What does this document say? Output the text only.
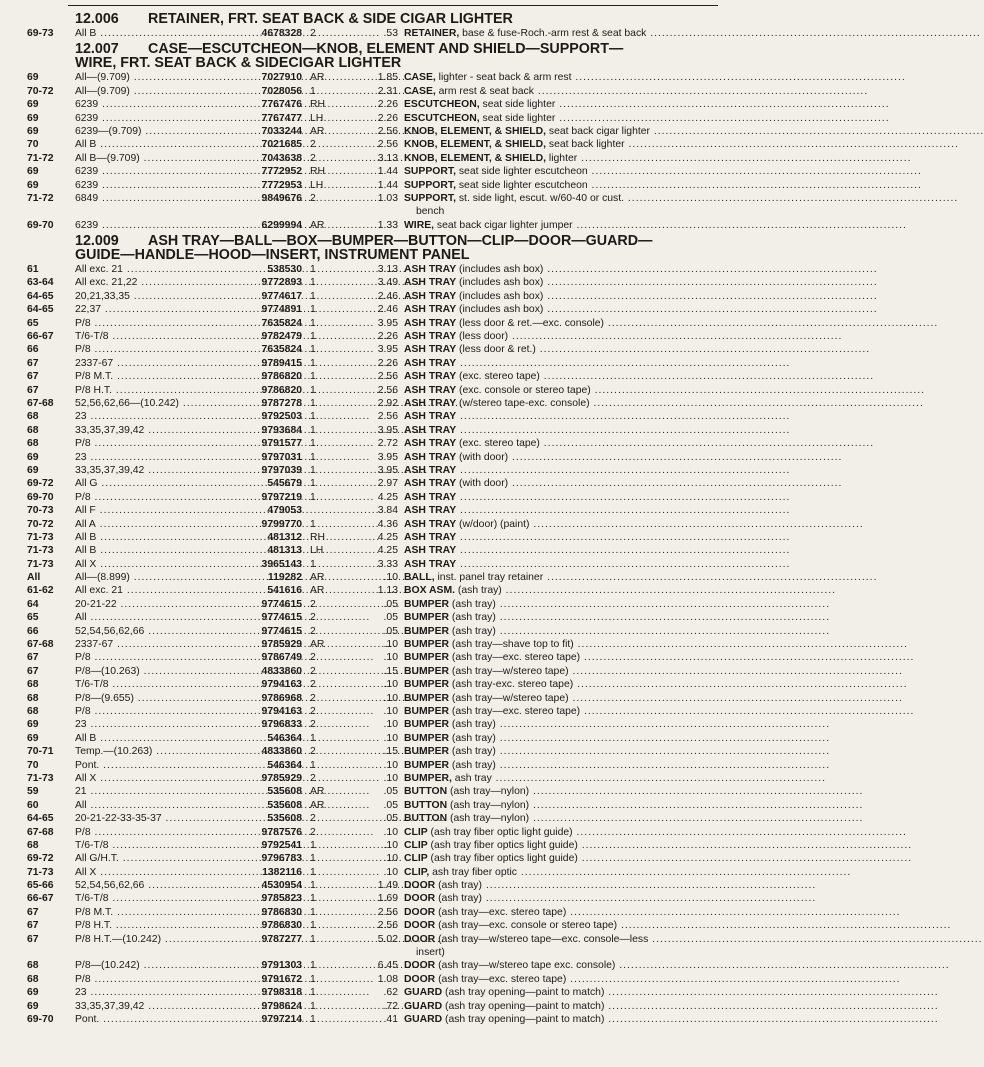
12.006 RETAINER, FRT. SEAT BACK & SIDE CIGAR LIGHTER
69-73	All B .....	4678328 2	.53 RETAINER, base & fuse-Roch.-arm rest & seat back .....................................................................................
12.007 CASE—ESCUTCHEON—KNOB, ELEMENT AND SHIELD—SUPPORT—
WIRE, FRT. SEAT BACK & SIDECIGAR LIGHTER
69	All—(9.709) .....	7027910 AR	1.85 CASE, lighter - seat back & arm rest .....................................................................................
70-72	All—(9.709) .....	7028056 1	2.31 CASE, arm rest & seat back .....................................................................................
69	6239 .....	7767476 RH	2.26 ESCUTCHEON, seat side lighter .....................................................................................
69	6239 .....	7767477 LH	2.26 ESCUTCHEON, seat side lighter .....................................................................................
69	6239—(9.709) .....	7033244 AR	2.56 KNOB, ELEMENT, & SHIELD, seat back cigar lighter .....................................................................................
70	All B .....	7021685 2	2.56 KNOB, ELEMENT, & SHIELD, seat back lighter .....................................................................................
71-72	All B—(9.709) .....	7043638 2	3.13 KNOB, ELEMENT, & SHIELD, lighter .....................................................................................
69	6239 .....	7772952 RH	1.44 SUPPORT, seat side lighter escutcheon .....................................................................................
69	6239 .....	7772953 LH	1.44 SUPPORT, seat side lighter escutcheon .....................................................................................
71-72	6849 .....	9849676 2	1.03 SUPPORT, st. side light, escut. w/60-40 or cust. .....................................................................................
bench
69-70	6239 .....	6299994 AR	1.33 WIRE, seat back cigar lighter jumper .....................................................................................
12.009 ASH TRAY—BALL—BOX—BUMPER—BUTTON—CLIP—DOOR—GUARD—
GUIDE—HANDLE—HOOD—INSERT, INSTRUMENT PANEL
61	All exc. 21 .....	538530 1	3.13 ASH TRAY (includes ash box) .....................................................................................
63-64	All exc. 21,22 .....	9772893 1	3.49 ASH TRAY (includes ash box) .....................................................................................
64-65	20,21,33,35 .....	9774617 1	2.46 ASH TRAY (includes ash box) .....................................................................................
64-65	22,37 .....	9774891 1	2.46 ASH TRAY (includes ash box) .....................................................................................
65	P/8 .....	7635824 1	3.95 ASH TRAY (less door & ret.—exc. console) .....................................................................................
66-67	T/6-T/8 .....	9782479 1	2.26 ASH TRAY (less door) .....................................................................................
66	P/8 .....	7635824 1	3.95 ASH TRAY (less door & ret.) .....................................................................................
67	2337-67 .....	9789415 1	2.26 ASH TRAY .....................................................................................
67	P/8 M.T. .....	9786820 1	2.56 ASH TRAY (exc. stereo tape) .....................................................................................
67	P/8 H.T. .....	9786820 1	2.56 ASH TRAY (exc. console or stereo tape) .....................................................................................
67-68	52,56,62,66—(10.242) .....	9787278 1	2.92 ASH TRAY (w/stereo tape-exc. console) .....................................................................................
68	23 .....	9792503 1	2.56 ASH TRAY .....................................................................................
68	33,35,37,39,42 .....	9793684 1	3.95 ASH TRAY .....................................................................................
68	P/8 .....	9791577 1	2.72 ASH TRAY (exc. stereo tape) .....................................................................................
69	23 .....	9797031 1	3.95 ASH TRAY (with door) .....................................................................................
69	33,35,37,39,42 .....	9797039 1	3.95 ASH TRAY .....................................................................................
69-72	All G .....	545679 1	2.97 ASH TRAY (with door) .....................................................................................
69-70	P/8 .....	9797219 1	4.25 ASH TRAY .....................................................................................
70-73	All F .....	479053	3.84 ASH TRAY .....................................................................................
70-72	All A .....	9799770 1	4.36 ASH TRAY (w/door) (paint) .....................................................................................
71-73	All B .....	481312 RH	4.25 ASH TRAY .....................................................................................
71-73	All B .....	481313 LH	4.25 ASH TRAY .....................................................................................
71-73	All X .....	3965143 1	3.33 ASH TRAY .....................................................................................
All	All—(8.899) .....	119282 AR	.10 BALL, inst. panel tray retainer .....................................................................................
61-62	All exc. 21 .....	541616 AR	1.13 BOX ASM. (ash tray) .....................................................................................
64	20-21-22 .....	9774615 2	.05 BUMPER (ash tray) .....................................................................................
65	All .....	9774615 2	.05 BUMPER (ash tray) .....................................................................................
66	52,54,56,62,66 .....	9774615 2	.05 BUMPER (ash tray) .....................................................................................
67-68	2337-67 .....	9785929 AR	.10 BUMPER (ash tray—shave top to fit) .....................................................................................
67	P/8 .....	9786749 2	.10 BUMPER (ash tray—exc. stereo tape) .....................................................................................
67	P/8—(10.263) .....	4833860 2	.15 BUMPER (ash tray—w/stereo tape) .....................................................................................
68	T/6-T/8 .....	9794163 2	.10 BUMPER (ash tray-exc. stereo tape) .....................................................................................
68	P/8—(9.655) .....	9786968 2	.10 BUMPER (ash tray—w/stereo tape) .....................................................................................
68	P/8 .....	9794163 2	.10 BUMPER (ash tray—exc. stereo tape) .....................................................................................
69	23 .....	9796833 2	.10 BUMPER (ash tray) .....................................................................................
69	All B .....	546364 1	.10 BUMPER (ash tray) .....................................................................................
70-71	Temp.—(10.263) .....	4833860 2	.15 BUMPER (ash tray) .....................................................................................
70	Pont. .....	546364 1	.10 BUMPER (ash tray) .....................................................................................
71-73	All X .....	9785929 2	.10 BUMPER, ash tray .....................................................................................
59	21 .....	535608 AR	.05 BUTTON (ash tray—nylon) .....................................................................................
60	All .....	535608 AR	.05 BUTTON (ash tray—nylon) .....................................................................................
64-65	20-21-22-33-35-37 .....	535608 2	.05 BUTTON (ash tray—nylon) .....................................................................................
67-68	P/8 .....	9787576 2	.10 CLIP (ash tray fiber optic light guide) .....................................................................................
68	T/6-T/8 .....	9792541 1	.10 CLIP (ash tray fiber optics light guide) .....................................................................................
69-72	All G/H.T. .....	9796783 1	.10 CLIP (ash tray fiber optics light guide) .....................................................................................
71-73	All X .....	1382116 1	.10 CLIP, ash tray fiber optic .....................................................................................
65-66	52,54,56,62,66 .....	4530954 1	1.49 DOOR (ash tray) .....................................................................................
66-67	T/6-T/8 .....	9785823 1	1.69 DOOR (ash tray) .....................................................................................
67	P/8 M.T. .....	9786830 1	2.56 DOOR (ash tray—exc. stereo tape) .....................................................................................
67	P/8 H.T. .....	9786830 1	2.56 DOOR (ash tray—exc. console or stereo tape) .....................................................................................
67	P/8 H.T.—(10.242) .....	9787277 1	5.02 DOOR (ash tray—w/stereo tape—exc. console—less .....................................................................................
insert)
68	P/8—(10.242) .....	9791303 1	6.45 DOOR (ash tray—w/stereo tape exc. console) .....................................................................................
68	P/8 .....	9791672 1	1.08 DOOR (ash tray—exc. stereo tape) .....................................................................................
69	23 .....	9798318 1	.62 GUARD (ash tray opening—paint to match) .....................................................................................
69	33,35,37,39,42 .....	9798624 1	.72 GUARD (ash tray opening—paint to match) .....................................................................................
69-70	Pont. .....	9797214 1	.41 GUARD (ash tray opening—paint to match) .....................................................................................
